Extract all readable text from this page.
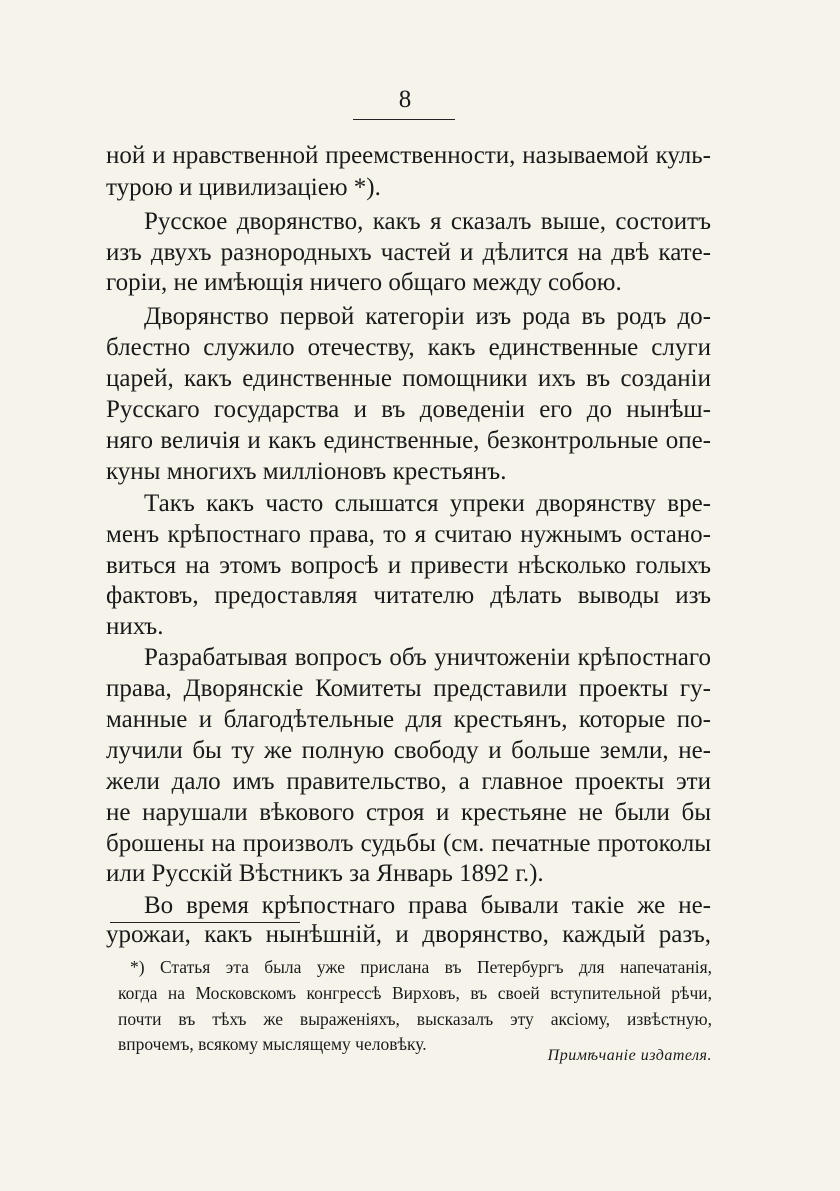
8
ной и нравственной преемственности, называемой куль-
турою и цивилизацiею *).
Русское дворянство, какъ я сказалъ выше, состоитъ
изъ двухъ разнородныхъ частей и дѣлится на двѣ кате-
горiи, не имѣющiя ничего общаго между собою.
Дворянство первой категорiи изъ рода въ родъ до-
блестно служило отечеству, какъ единственные слуги
царей, какъ единственные помощники ихъ въ созданiи
Русскаго государства и въ доведенiи его до нынѣш-
няго величiя и какъ единственные, безконтрольные опе-
куны многихъ миллiоновъ крестьянъ.
Такъ какъ часто слышатся упреки дворянству вре-
менъ крѣпостнаго права, то я считаю нужнымъ остано-
виться на этомъ вопросѣ и привести нѣсколько голыхъ
фактовъ, предоставляя читателю дѣлать выводы изъ
нихъ.
Разрабатывая вопросъ объ уничтоженiи крѣпостнаго
права, Дворянскiе Комитеты представили проекты гу-
манные и благодѣтельные для крестьянъ, которые по-
лучили бы ту же полную свободу и больше земли, не-
жели дало имъ правительство, а главное проекты эти
не нарушали вѣкового строя и крестьяне не были бы
брошены на произволъ судьбы (см. печатные протоколы
или Русскiй Вѣстникъ за Январь 1892 г.).
Во время крѣпостнаго права бывали такiе же не-
урожаи, какъ нынѣшнiй, и дворянство, каждый разъ,
*) Статья эта была уже прислана въ Петербургъ для напечатанiя,
когда на Московскомъ конгрессѣ Вирховъ, въ своей вступительной рѣчи,
почти въ тѣхъ же выраженiяхъ, высказалъ эту аксiому, извѣстную,
впрочемъ, всякому мыслящему человѣку.
Примѣчанiе издателя.
